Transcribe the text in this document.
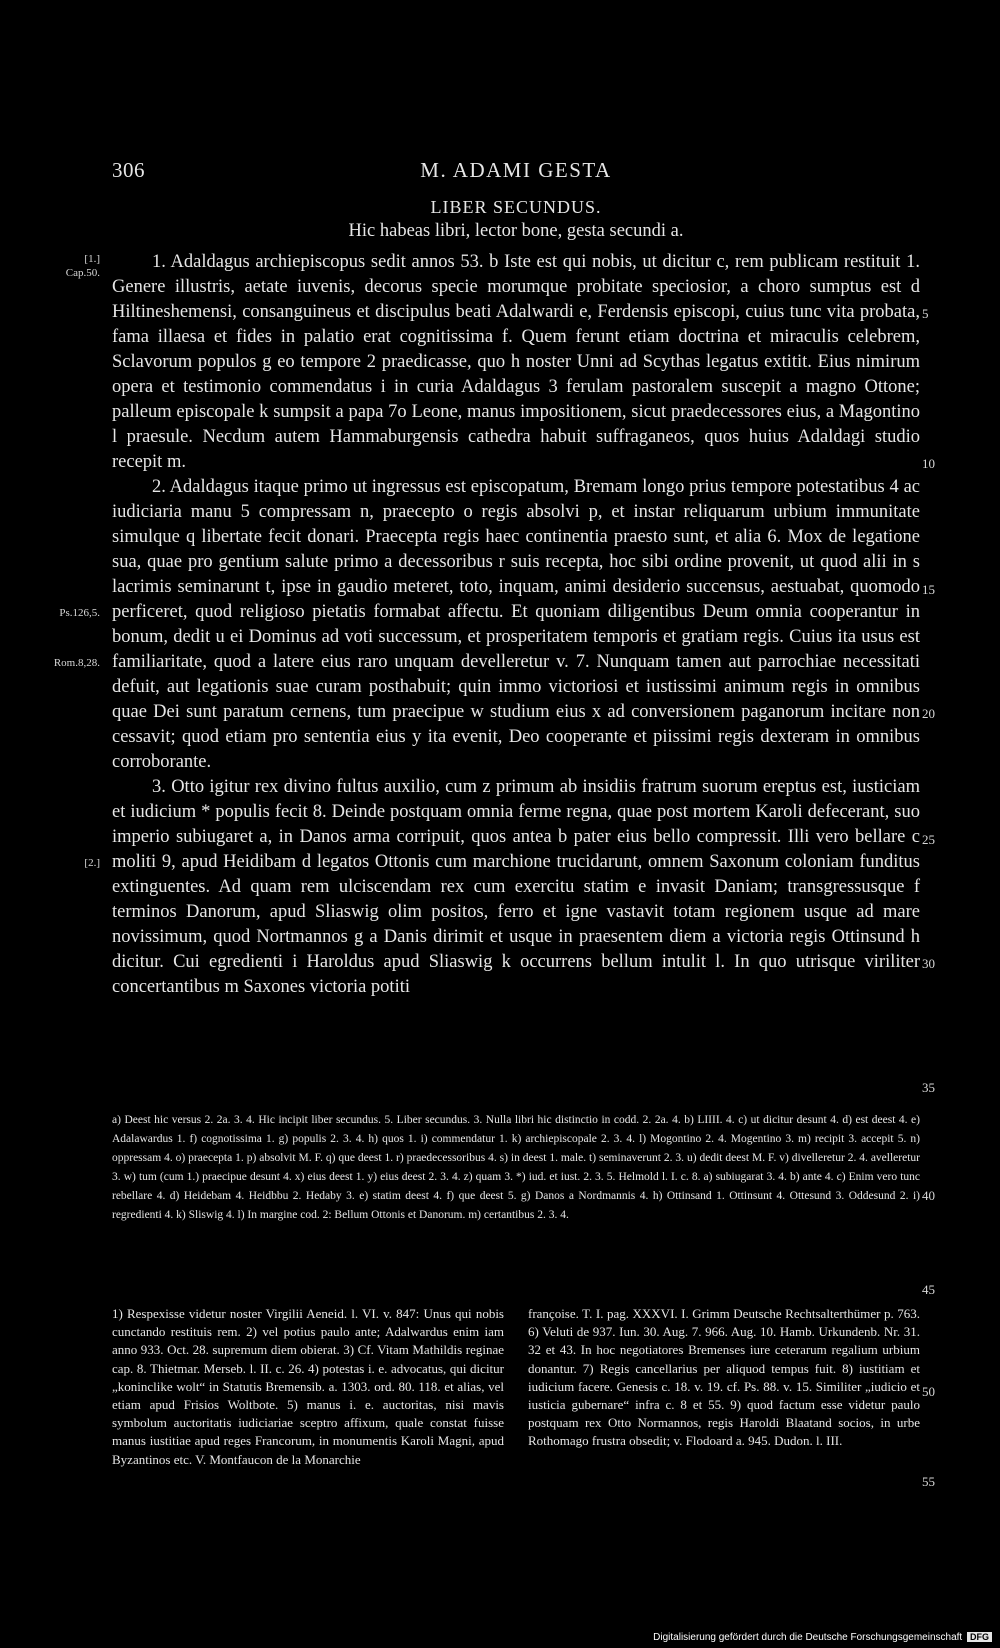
306	M. ADAMI GESTA
LIBER SECUNDUS.
Hic habeas libri, lector bone, gesta secundi a.
[1.]
Cap.50.
Ps.126,5.
Rom.8,28.
[2.]

1. Adaldagus archiepiscopus sedit annos 53. b Iste est qui nobis, ut dicitur c, rem publicam restituit 1. Genere illustris, aetate iuvenis, decorus specie morumque probitate speciosior, a choro sumptus est d Hiltineshemensi, consanguineus et discipulus beati Adalwardi e, Ferdensis episcopi, cuius tunc vita probata, fama illaesa et fides in palatio erat cognitissima f. Quem ferunt etiam doctrina et miraculis celebrem, Sclavorum populos g eo tempore 2 praedicasse, quo h noster Unni ad Scythas legatus extitit. Eius nimirum opera et testimonio commendatus i in curia Adaldagus 3 ferulam pastoralem suscepit a magno Ottone; palleum episcopale k sumpsit a papa 7o Leone, manus impositionem, sicut praedecessores eius, a Magontino l praesule. Necdum autem Hammaburgensis cathedra habuit suffraganeos, quos huius Adaldagi studio recepit m.

2. Adaldagus itaque primo ut ingressus est episcopatum, Bremam longo prius tempore potestatibus 4 ac iudiciaria manu 5 compressam n, praecepto o regis absolvi p, et instar reliquarum urbium immunitate simulque q libertate fecit donari. Praecepta regis haec continentia praesto sunt, et alia 6. Mox de legatione sua, quae pro gentium salute primo a decessoribus r suis recepta, hoc sibi ordine provenit, ut quod alii in s lacrimis seminarunt t, ipse in gaudio meteret, toto, inquam, animi desiderio succensus, aestuabat, quomodo perficeret, quod religioso pietatis formabat affectu. Et quoniam diligentibus Deum omnia cooperantur in bonum, dedit u ei Dominus ad voti successum, et prosperitatem temporis et gratiam regis. Cuius ita usus est familiaritate, quod a latere eius raro unquam develleretur v. 7. Nunquam tamen aut parrochiae necessitati defuit, aut legationis suae curam posthabuit; quin immo victoriosi et iustissimi animum regis in omnibus quae Dei sunt paratum cernens, tum praecipue w studium eius x ad conversionem paganorum incitare non cessavit; quod etiam pro sententia eius y ita evenit, Deo cooperante et piissimi regis dexteram in omnibus corroborante.

3. Otto igitur rex divino fultus auxilio, cum z primum ab insidiis fratrum suorum ereptus est, iusticiam et iudicium * populis fecit 8. Deinde postquam omnia ferme regna, quae post mortem Karoli defecerant, suo imperio subiugaret a, in Danos arma corripuit, quos antea b pater eius bello compressit. Illi vero bellare c moliti 9, apud Heidibam d legatos Ottonis cum marchione trucidarunt, omnem Saxonum coloniam funditus extinguentes. Ad quam rem ulciscendam rex cum exercitu statim e invasit Daniam; transgressusque f terminos Danorum, apud Sliaswig olim positos, ferro et igne vastavit totam regionem usque ad mare novissimum, quod Nortmannos g a Danis dirimit et usque in praesentem diem a victoria regis Ottinsund h dicitur. Cui egredienti i Haroldus apud Sliaswig k occurrens bellum intulit l. In quo utrisque viriliter concertantibus m Saxones victoria potiti

5
10
15
20
25
30
35
40
45
50
55

a) Deest hic versus 2. 2a. 3. 4. Hic incipit liber secundus. 5. Liber secundus. 3. Nulla libri hic distinctio in codd. 2. 2a. 4. b) LIIII. 4. c) ut dicitur desunt 4. d) est deest 4. e) Adalawardus 1. f) cognotissima 1. g) populis 2. 3. 4. h) quos 1. i) commendatur 1. k) archiepiscopale 2. 3. 4. l) Mogontino 2. 4. Mogentino 3. m) recipit 3. accepit 5. n) oppressam 4. o) praecepta 1. p) absolvit M. F. q) que deest 1. r) praedecessoribus 4. s) in deest 1. male. t) seminaverunt 2. 3. u) dedit deest M. F. v) divelleretur 2. 4. avelleretur 3. w) tum (cum 1.) praecipue desunt 4. x) eius deest 1. y) eius deest 2. 3. 4. z) quam 3. *) iud. et iust. 2. 3. 5. Helmold l. I. c. 8. a) subiugarat 3. 4. b) ante 4. c) Enim vero tunc rebellare 4. d) Heidebam 4. Heidbbu 2. Hedaby 3. e) statim deest 4. f) que deest 5. g) Danos a Nordmannis 4. h) Ottinsand 1. Ottinsunt 4. Ottesund 3. Oddesund 2. i) regredienti 4. k) Sliswig 4. l) In margine cod. 2: Bellum Ottonis et Danorum. m) certantibus 2. 3. 4.

1) Respexisse videtur noster Virgilii Aeneid. l. VI. v. 847: Unus qui nobis cunctando restituis rem. 2) vel potius paulo ante; Adalwardus enim iam anno 933. Oct. 28. supremum diem obierat. 3) Cf. Vitam Mathildis reginae cap. 8. Thietmar. Merseb. l. II. c. 26. 4) potestas i. e. advocatus, qui dicitur „koninclike wolt“ in Statutis Bremensib. a. 1303. ord. 80. 118. et alias, vel etiam apud Frisios Woltbote. 5) manus i. e. auctoritas, nisi mavis symbolum auctoritatis iudiciariae sceptro affixum, quale constat fuisse manus iustitiae apud reges Francorum, in monumentis Karoli Magni, apud Byzantinos etc. V. Montfaucon de la Monarchie

françoise. T. I. pag. XXXVI. I. Grimm Deutsche Rechtsalterthümer p. 763. 6) Veluti de 937. Iun. 30. Aug. 7. 966. Aug. 10. Hamb. Urkundenb. Nr. 31. 32 et 43. In hoc negotiatores Bremenses iure ceterarum regalium urbium donantur. 7) Regis cancellarius per aliquod tempus fuit. 8) iustitiam et iudicium facere. Genesis c. 18. v. 19. cf. Ps. 88. v. 15. Similiter „iudicio et iusticia gubernare“ infra c. 8 et 55. 9) quod factum esse videtur paulo postquam rex Otto Normannos, regis Haroldi Blaatand socios, in urbe Rothomago frustra obsedit; v. Flodoard a. 945. Dudon. l. III.

Digitalisierung gefördert durch die Deutsche Forschungsgemeinschaft DFG
